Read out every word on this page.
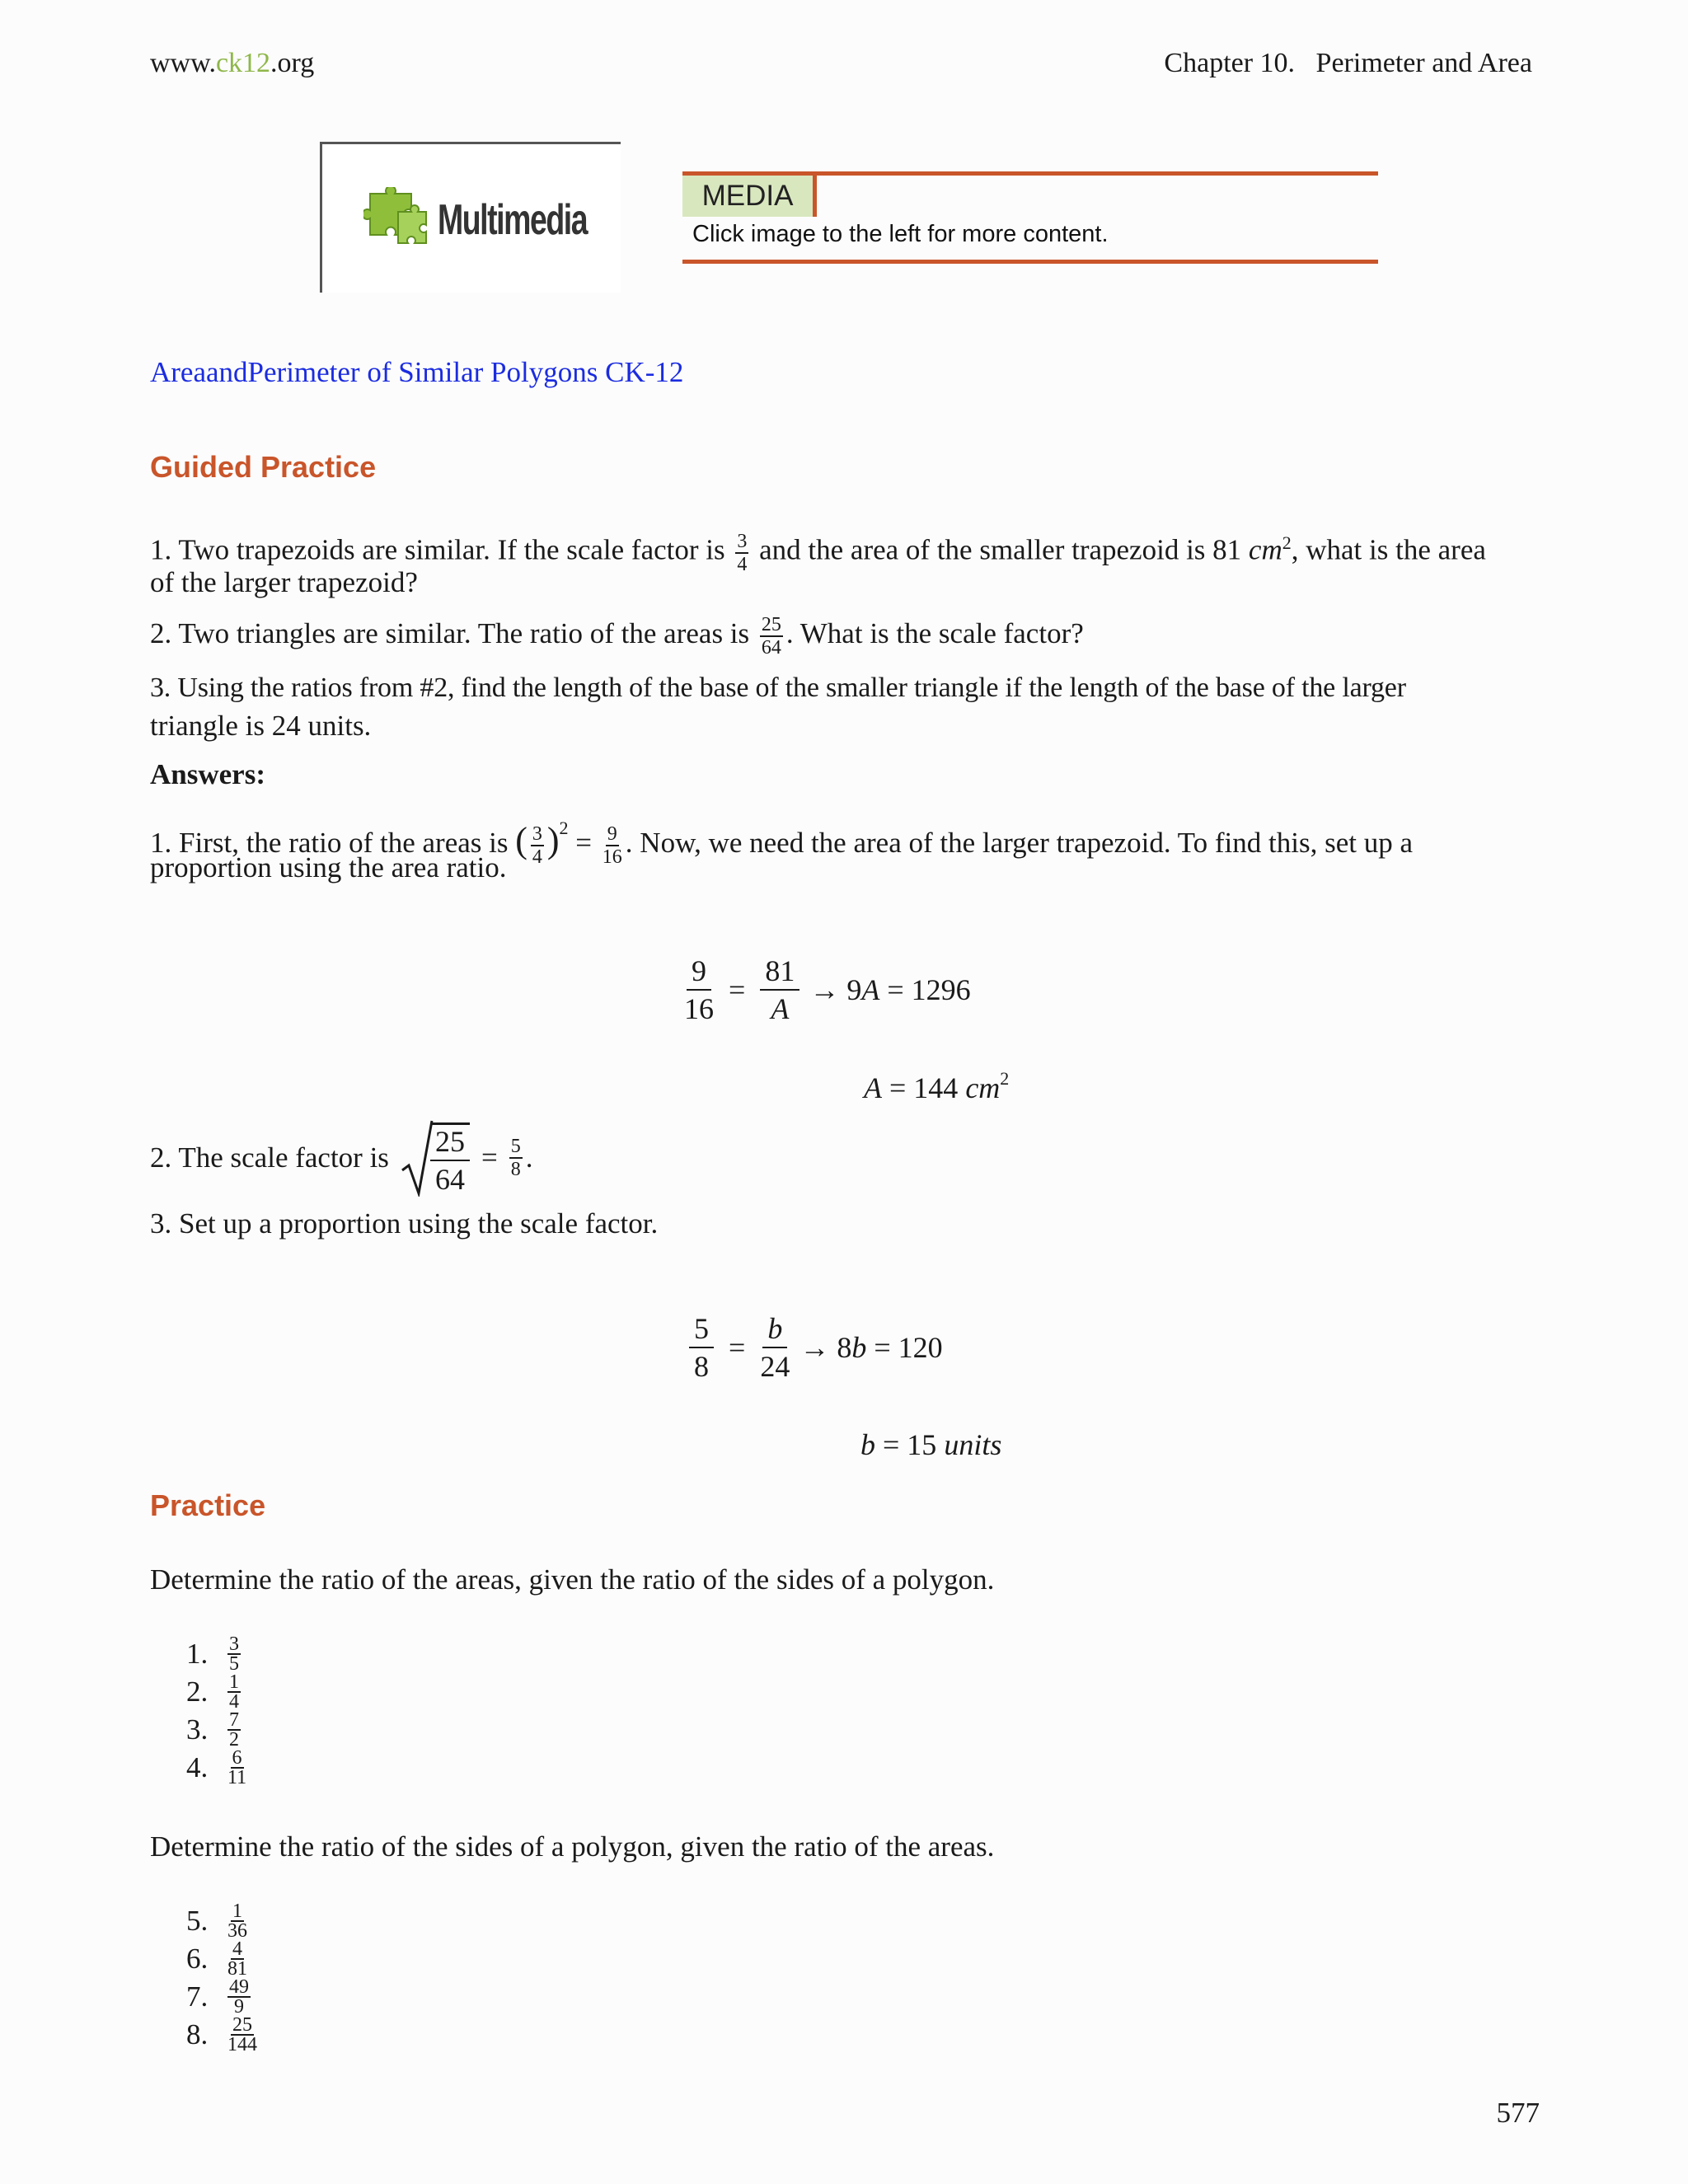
www.ck12.org	Chapter 10.   Perimeter and Area
Multimedia
MEDIA
Click image to the left for more content.
AreaandPerimeter of Similar Polygons CK-12
Guided Practice
1. Two trapezoids are similar. If the scale factor is $\frac{3}{4}$ and the area of the smaller trapezoid is 81 $cm^2$, what is the area
of the larger trapezoid?
2. Two triangles are similar. The ratio of the areas is $\frac{25}{64}$ . What is the scale factor?
3. Using the ratios from #2, find the length of the base of the smaller triangle if the length of the base of the larger
triangle is 24 units.
Answers:
1. First, the ratio of the areas is ( $\frac{3}{4} )^2 = \frac{9}{16}$ . Now, we need the area of the larger trapezoid. To find this, set up a
proportion using the area ratio.
$\frac{9}{16} = \frac{81}{A} \to 9A = 1296$

A = 144 $cm^2$

2. The scale factor is $\frac{25}{64} = \frac{5}{8}$ .
3. Set up a proportion using the scale factor.
$\frac{5}{8} = \frac{b}{24} \to 8b = 120$

b = 15 units

Practice
Determine the ratio of the areas, given the ratio of the sides of a polygon.
1.	3
5
2.	1
4
3.	7
2
4.	6
11
Determine the ratio of the sides of a polygon, given the ratio of the areas.
5.	1
36
6.	4
81
7.	49
9
8.	25
144
577
